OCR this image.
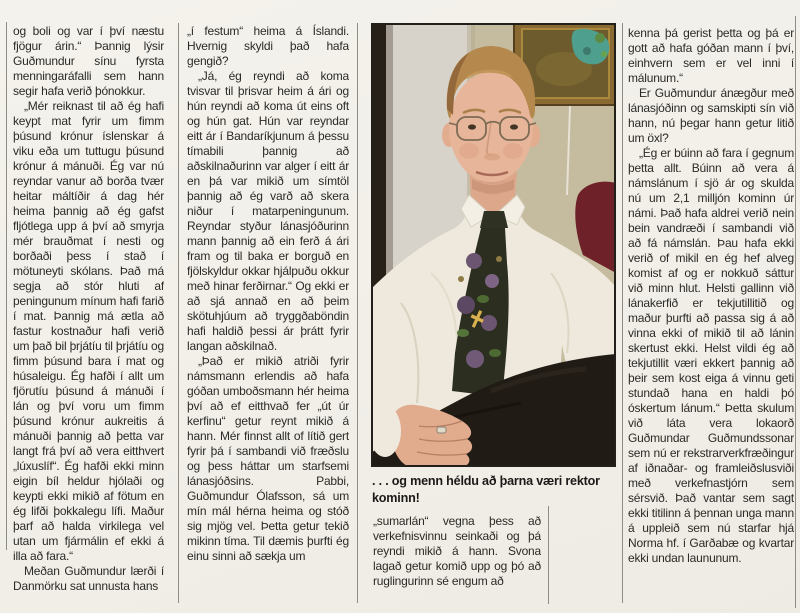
og boli og var í því næstu fjögur árin.“ Þannig lýsir Guðmundur sínu fyrsta menningaráfalli sem hann segir hafa verið þónokkur.

„Mér reiknast til að ég hafi keypt mat fyrir um fimm þúsund krónur íslenskar á viku eða um tuttugu þúsund krónur á mánuði. Ég var nú reyndar vanur að borða tvær heitar máltíðir á dag hér heima þannig að ég gafst fljótlega upp á því að smyrja mér brauðmat í nesti og borðaði þess í stað í mötuneyti skólans. Það má segja að stór hluti af peningunum mínum hafi farið í mat. Þannig má ætla að fastur kostnaður hafi verið um það bil þrjátíu til þrjátíu og fimm þúsund bara í mat og húsaleigu. Ég hafði í allt um fjörutíu þúsund á mánuði í lán og því voru um fimm þúsund krónur aukreitis á mánuði þannig að þetta var langt frá því að vera eitthvert „lúxuslíf“. Ég hafði ekki minn eigin bíl heldur hjólaði og keypti ekki mikið af fötum en ég lifði þokkalegu lífi. Maður þarf að halda virkilega vel utan um fjármálin ef ekki á illa að fara.“

Meðan Guðmundur lærði í Danmörku sat unnusta hans

„í festum“ heima á Íslandi. Hvernig skyldi það hafa gengið?

„Já, ég reyndi að koma tvisvar til þrisvar heim á ári og hún reyndi að koma út eins oft og hún gat. Hún var reyndar eitt ár í Bandaríkjunum á þessu tímabili þannig að aðskilnaðurinn var alger í eitt ár en þá var mikið um símtöl þannig að ég varð að skera niður í matarpeningunum. Reyndar styður lánasjóðurinn mann þannig að ein ferð á ári fram og til baka er borguð en fjölskyldur okkar hjálpuðu okkur með hinar ferðirnar.“ Og ekki er að sjá annað en að þeim skötuhjúum að tryggðaböndin hafi haldið þessi ár þrátt fyrir langan aðskilnað.

„Það er mikið atriði fyrir námsmann erlendis að hafa góðan umboðsmann hér heima því að ef eitthvað fer „út úr kerfinu“ getur reynt mikið á hann. Mér finnst allt of lítið gert fyrir þá í sambandi við fræðslu og þess háttar um starfsemi lánasjóðsins. Pabbi, Guðmundur Ólafsson, sá um mín mál hérna heima og stóð sig mjög vel. Þetta getur tekið mikinn tíma. Til dæmis þurfti ég einu sinni að sækja um

„sumarlán“ vegna þess að verkefnisvinnu seinkaði og þá reyndi mikið á hann. Svona lagað getur komið upp og þó að ruglingurinn sé engum að

kenna þá gerist þetta og þá er gott að hafa góðan mann í því, einhvern sem er vel inni í málunum.“

Er Guðmundur ánægður með lánasjóðinn og samskipti sín við hann, nú þegar hann getur litið um öxl?

„Ég er búinn að fara í gegnum þetta allt. Búinn að vera á námslánum í sjö ár og skulda nú um 2,1 milljón kominn úr námi. Það hafa aldrei verið nein bein vandræði í sambandi við að fá námslán. Þau hafa ekki verið of mikil en ég hef alveg komist af og er nokkuð sáttur við minn hlut. Helsti gallinn við lánakerfið er tekjutillitið og maður þurfti að passa sig á að vinna ekki of mikið til að lánin skertust ekki. Helst vildi ég að tekjutillit væri ekkert þannig að þeir sem kost eiga á vinnu geti stundað hana en haldi þó óskertum lánum.“ Þetta skulum við láta vera lokaorð Guðmundar Guðmundssonar sem nú er rekstrarverkfræðingur af iðnaðar- og framleiðslusviði með verkefnastjórn sem sérsvið. Það vantar sem sagt ekki titilinn á þennan unga mann á uppleið sem nú starfar hjá Norma hf. í Garðabæ og kvartar ekki undan laununum.

. . . og menn héldu að þarna væri rektor kominn!
